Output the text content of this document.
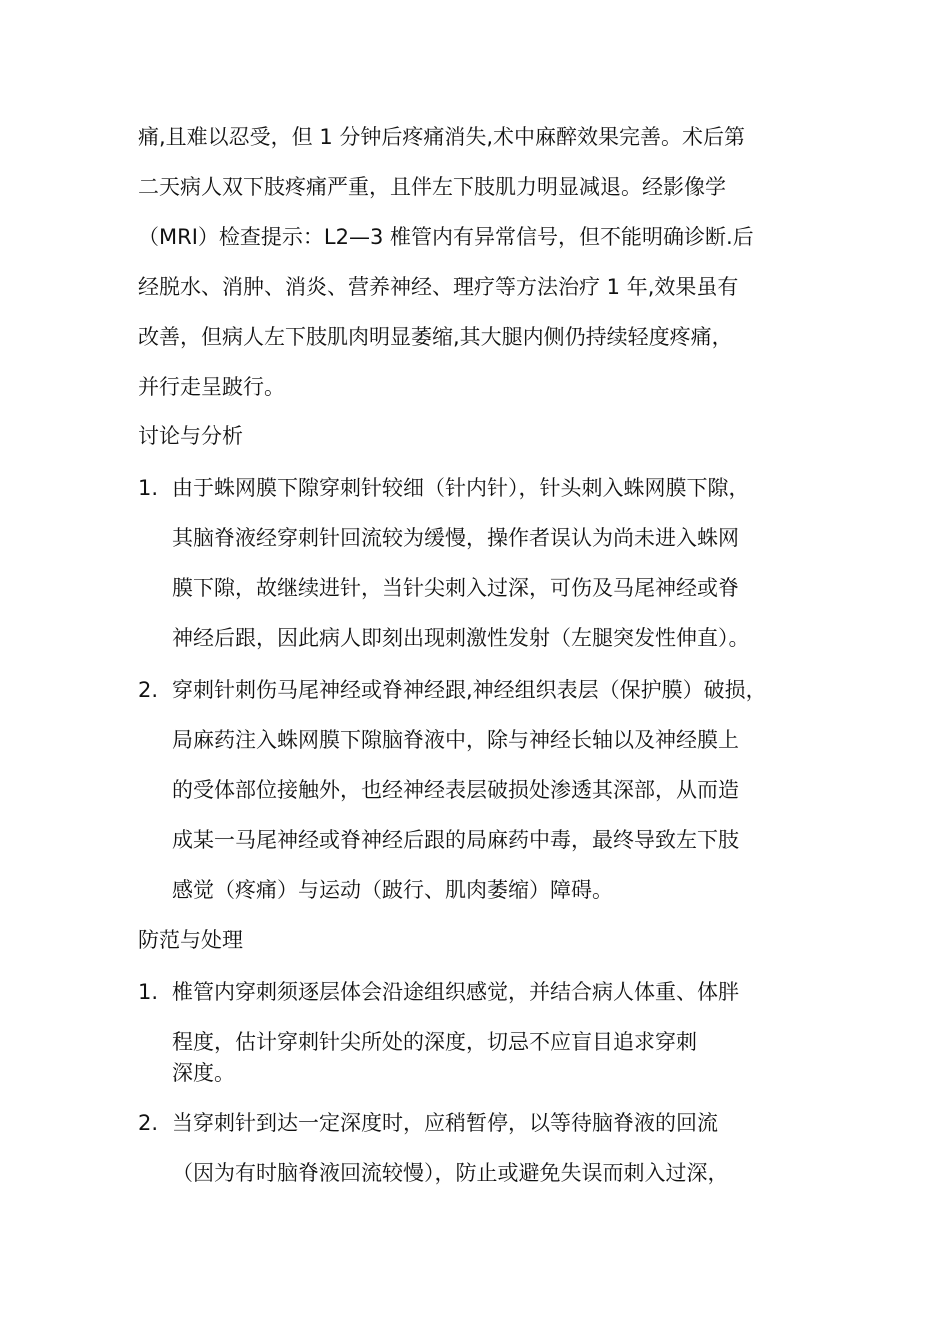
痛,且难以忍受，但 1 分钟后疼痛消失,术中麻醉效果完善。术后第
二天病人双下肢疼痛严重，且伴左下肢肌力明显减退。经影像学
（MRI）检查提示：L2—3 椎管内有异常信号，但不能明确诊断.后
经脱水、消肿、消炎、营养神经、理疗等方法治疗 1 年,效果虽有
改善，但病人左下肢肌肉明显萎缩,其大腿内侧仍持续轻度疼痛，
并行走呈跛行。
讨论与分析
1. 由于蛛网膜下隙穿刺针较细（针内针），针头刺入蛛网膜下隙，
其脑脊液经穿刺针回流较为缓慢，操作者误认为尚未进入蛛网
膜下隙，故继续进针，当针尖刺入过深，可伤及马尾神经或脊
神经后跟，因此病人即刻出现刺激性发射（左腿突发性伸直）。
2. 穿刺针刺伤马尾神经或脊神经跟,神经组织表层（保护膜）破损，
局麻药注入蛛网膜下隙脑脊液中，除与神经长轴以及神经膜上
的受体部位接触外，也经神经表层破损处渗透其深部，从而造
成某一马尾神经或脊神经后跟的局麻药中毒，最终导致左下肢
感觉（疼痛）与运动（跛行、肌肉萎缩）障碍。
防范与处理
1. 椎管内穿刺须逐层体会沿途组织感觉，并结合病人体重、体胖
程度，估计穿刺针尖所处的深度，切忌不应盲目追求穿刺
深度。
2. 当穿刺针到达一定深度时，应稍暂停，以等待脑脊液的回流
（因为有时脑脊液回流较慢），防止或避免失误而刺入过深，
